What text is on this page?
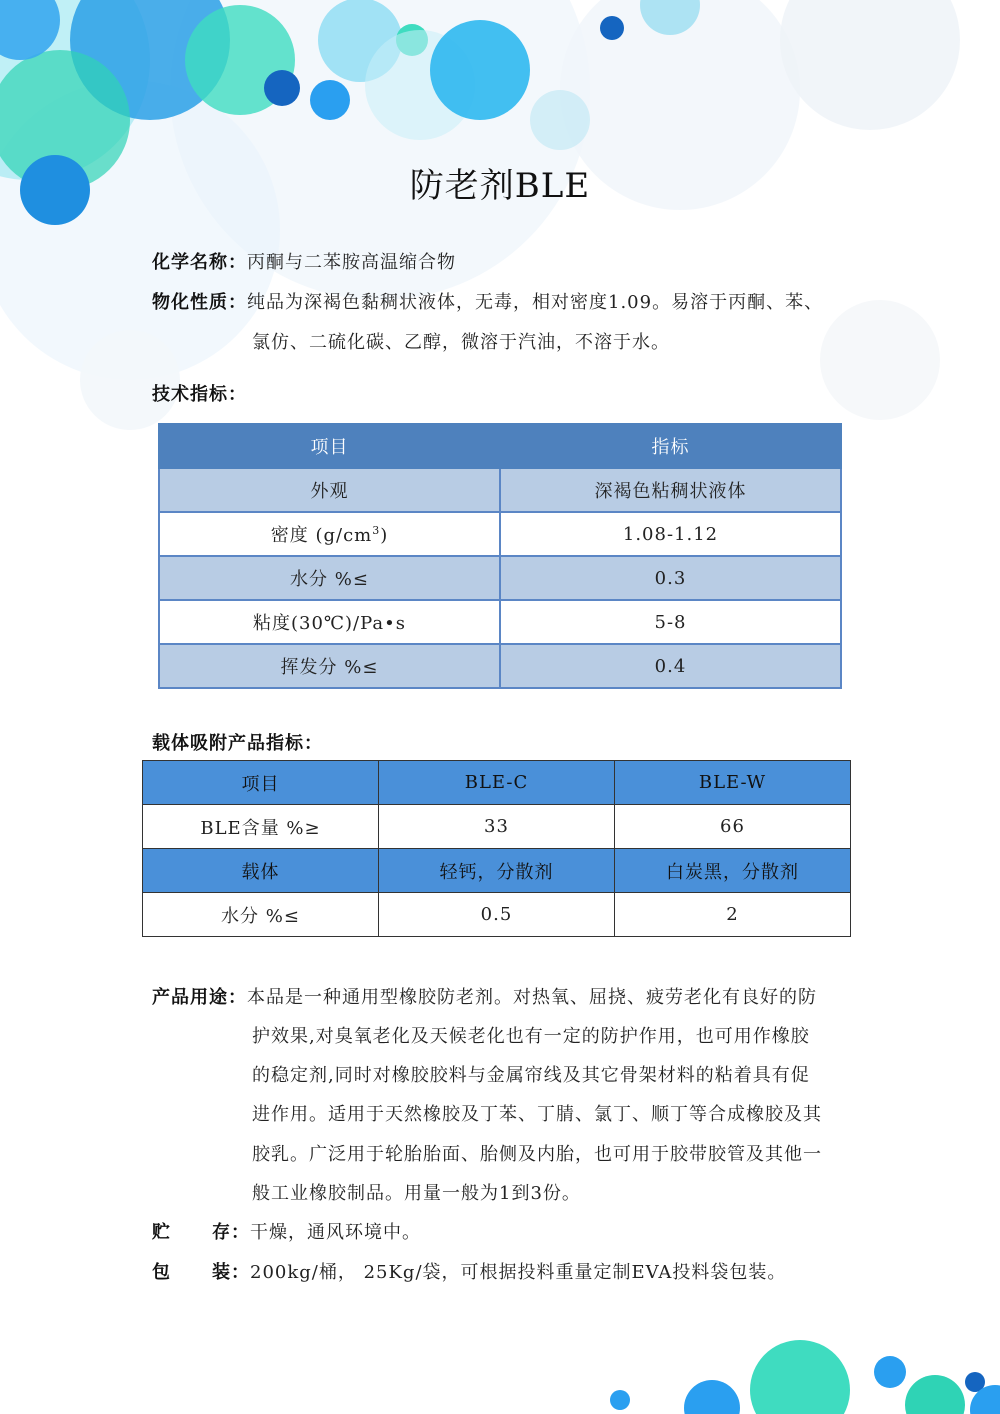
防老剂BLE
化学名称：丙酮与二苯胺高温缩合物
物化性质：纯品为深褐色黏稠状液体，无毒，相对密度1.09。易溶于丙酮、苯、
氯仿、二硫化碳、乙醇，微溶于汽油，不溶于水。
技术指标：
项目	指标
外观	深褐色粘稠状液体
密度 $(g/cm^3)$	1.08-1.12
水分 %≤	0.3
粘度(30℃)/Pa•s	5-8
挥发分 %≤	0.4
载体吸附产品指标：
项目	BLE-C	BLE-W
BLE含量 %≥	33	66
载体	轻钙，分散剂	白炭黑，分散剂
水分 %≤	0.5	2
产品用途：本品是一种通用型橡胶防老剂。对热氧、屈挠、疲劳老化有良好的防
护效果,对臭氧老化及天候老化也有一定的防护作用，也可用作橡胶
的稳定剂,同时对橡胶胶料与金属帘线及其它骨架材料的粘着具有促
进作用。适用于天然橡胶及丁苯、丁腈、氯丁、顺丁等合成橡胶及其
胶乳。广泛用于轮胎胎面、胎侧及内胎，也可用于胶带胶管及其他一
般工业橡胶制品。用量一般为1到3份。
贮 存：干燥，通风环境中。
包 装：200kg/桶， 25Kg/袋，可根据投料重量定制EVA投料袋包装。
